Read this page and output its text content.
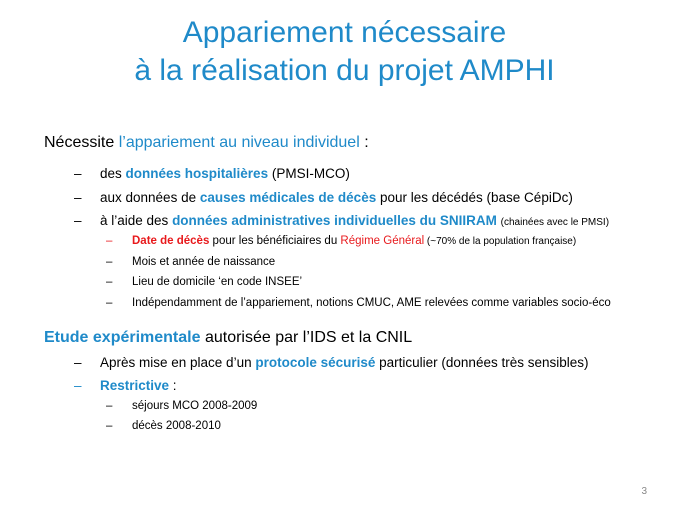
Appariement nécessaire
à la réalisation du projet AMPHI
Nécessite l’appariement au niveau individuel :
– des données hospitalières (PMSI-MCO)
– aux données de causes médicales de décès pour les décédés (base CépiDc)
– à l’aide des données administratives individuelles du SNIIRAM (chainées avec le PMSI)
– Date de décès pour les bénéficiaires du Régime Général (~70% de la population française)
– Mois et année de naissance
– Lieu de domicile ‘en code INSEE’
– Indépendamment de l’appariement, notions CMUC, AME relevées comme variables socio-éco
Etude expérimentale autorisée par l’IDS et la CNIL
– Après mise en place d’un protocole sécurisé particulier (données très sensibles)
– Restrictive :
– séjours MCO 2008-2009
– décès 2008-2010
3
